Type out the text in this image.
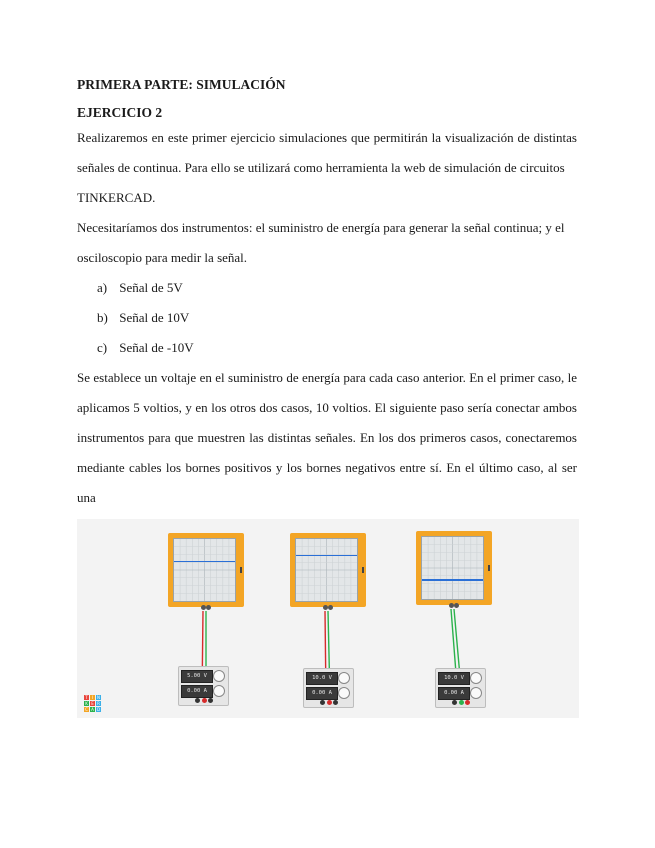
PRIMERA PARTE: SIMULACIÓN
EJERCICIO 2

Realizaremos en este primer ejercicio simulaciones que permitirán la visualización de distintas señales de continua. Para ello se utilizará como herramienta la web de simulación de circuitos
TINKERCAD.

Necesitaríamos dos instrumentos: el suministro de energía para generar la señal continua; y el
osciloscopio para medir la señal.

a) Señal de 5V
b) Señal de 10V
c) Señal de -10V

Se establece un voltaje en el suministro de energía para cada caso anterior. En el primer caso, le aplicamos 5 voltios, y en los otros dos casos, 10 voltios. El siguiente paso sería conectar ambos instrumentos para que muestren las distintas señales. En los dos primeros casos, conectaremos mediante cables los bornes positivos y los bornes negativos entre sí. En el último caso, al ser una

5.00 V
0.00 A
10.0 V
0.00 A
10.0 V
0.00 A
T	I N
K E R
C A D
